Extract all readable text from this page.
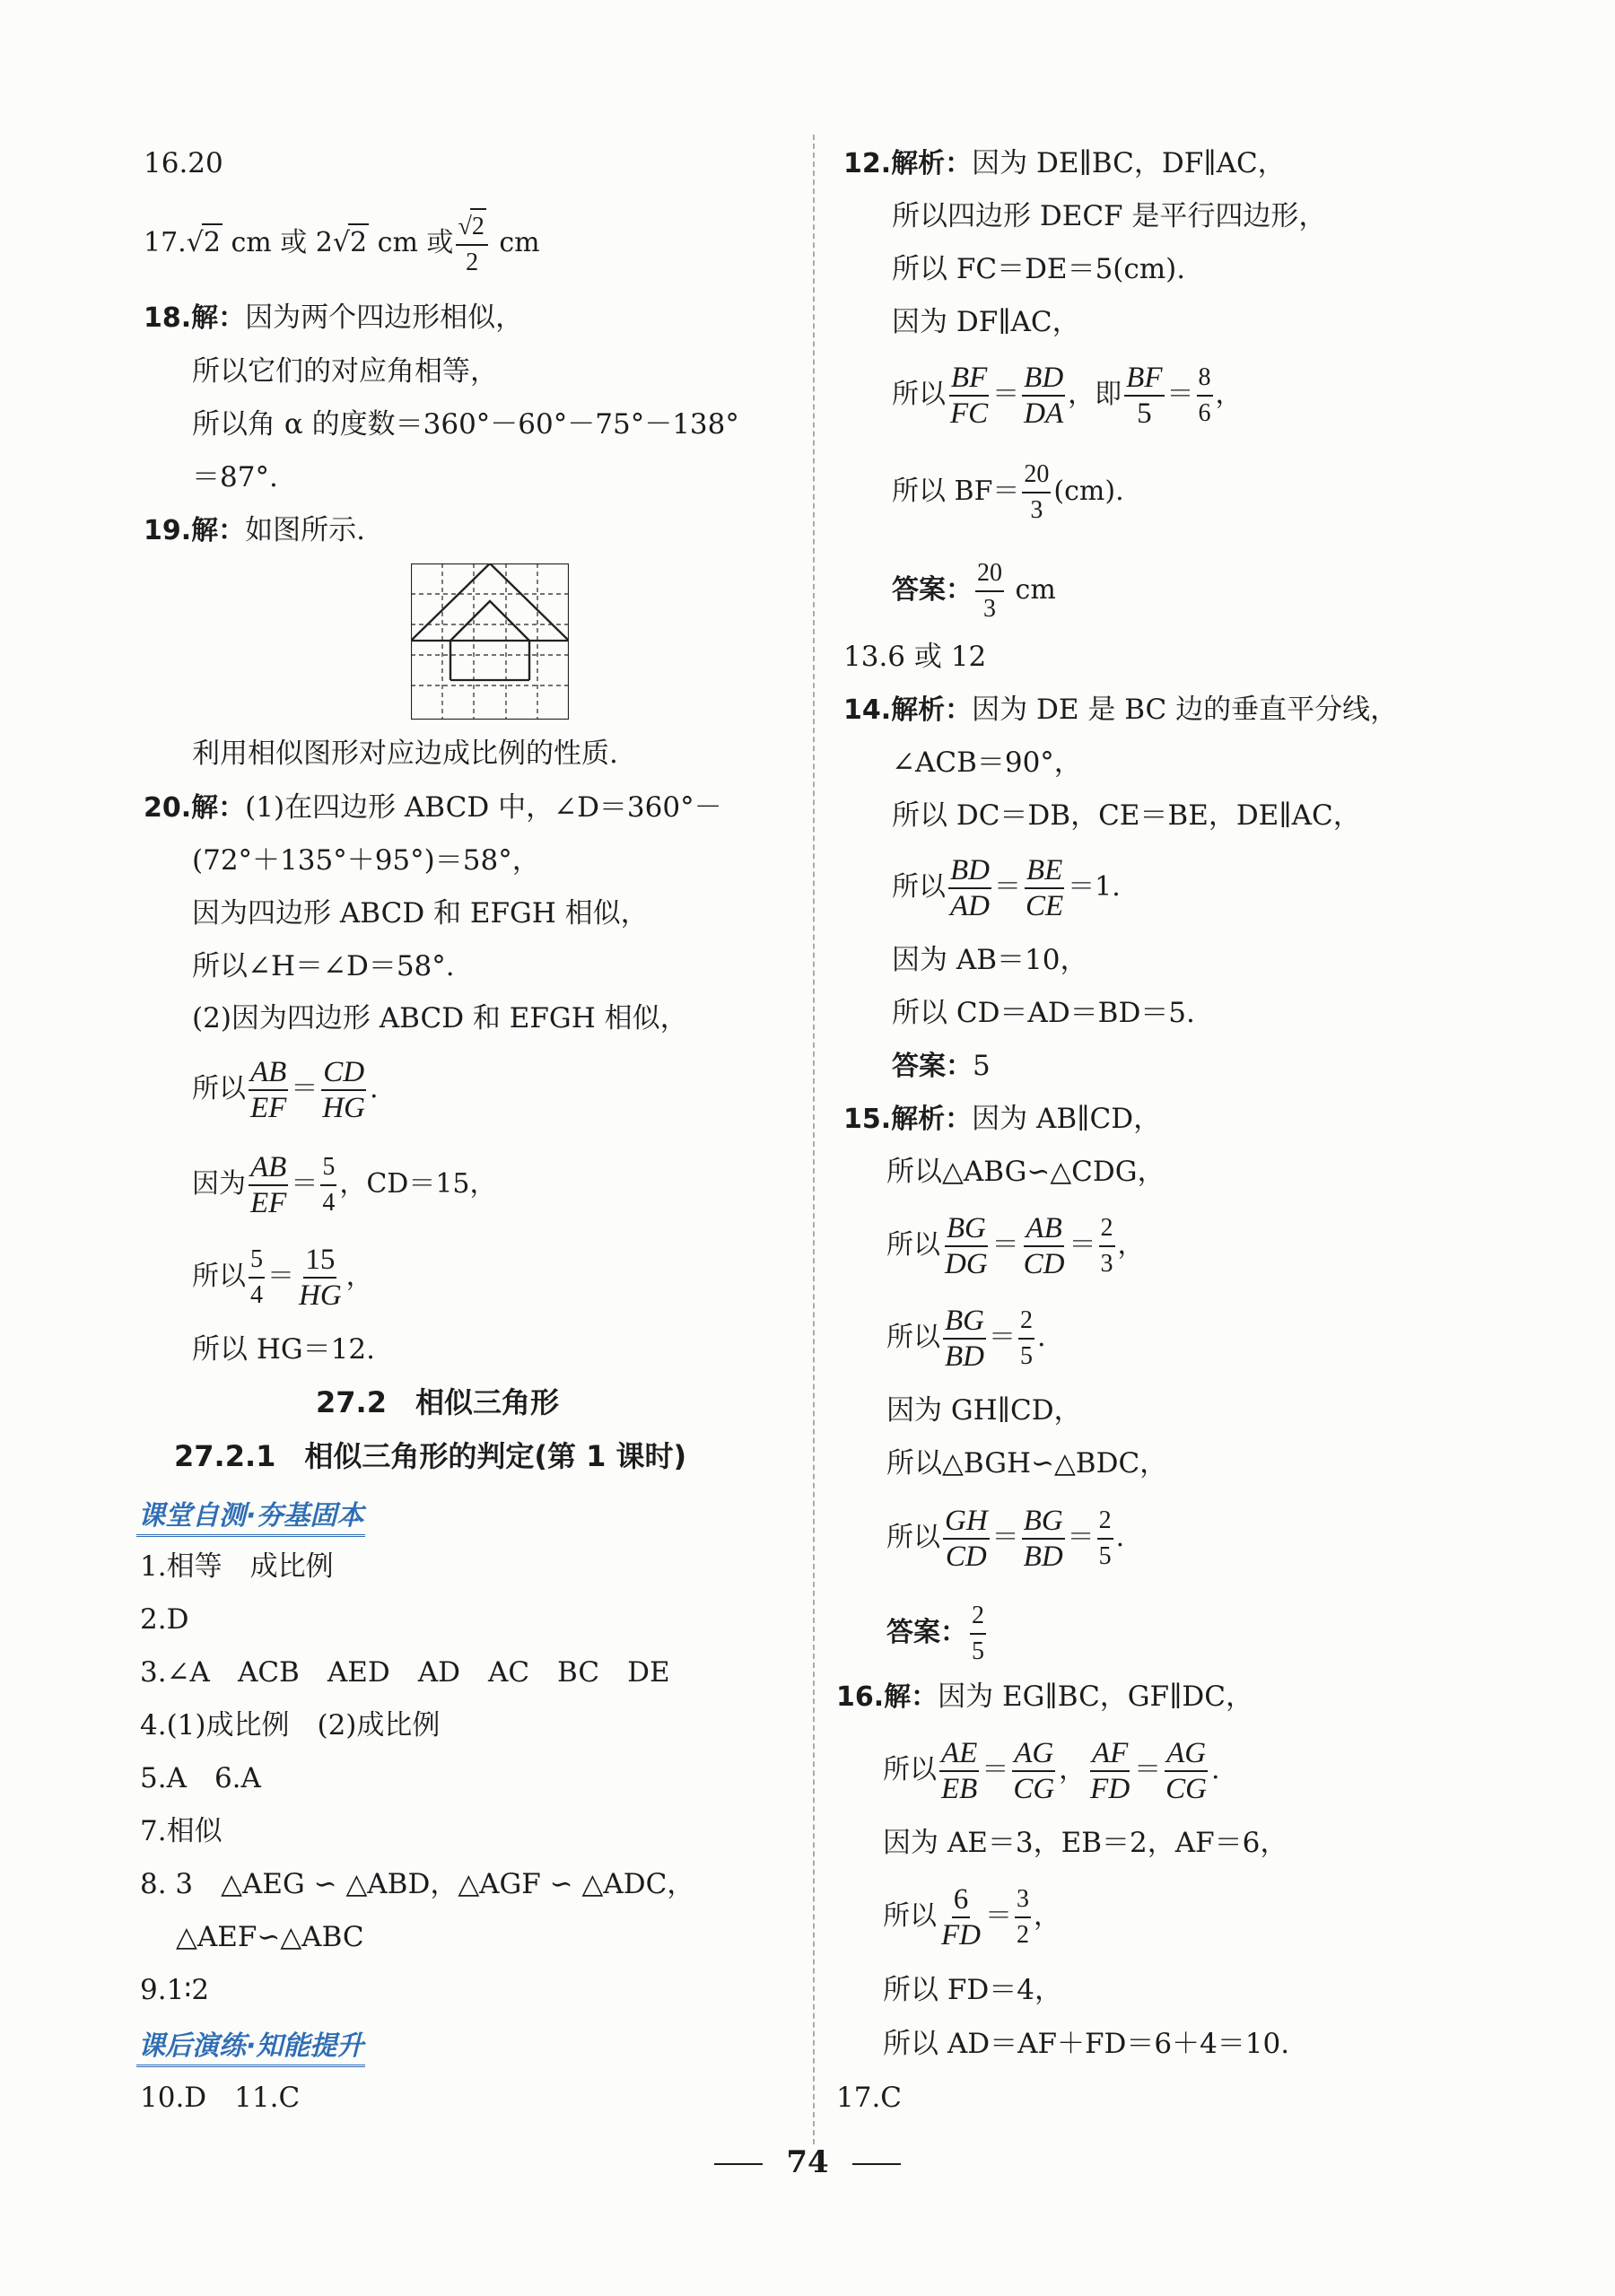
16.20
17.√2 cm 或 2√2 cm 或 $\frac{√2}{2}$ cm
18.解：因为两个四边形相似，
所以它们的对应角相等，
所以角 α 的度数＝360°－60°－75°－138°
＝87°.
19.解：如图所示.
利用相似图形对应边成比例的性质.
20.解：(1)在四边形 ABCD 中，∠D＝360°－
(72°＋135°＋95°)＝58°，
因为四边形 ABCD 和 EFGH 相似，
所以∠H＝∠D＝58°.
(2)因为四边形 ABCD 和 EFGH 相似，
所以 $\frac{AB}{EF} = \frac{CD}{HG}$ .
因为 $\frac{AB}{EF} = \frac{5}{4}$ ，CD＝15，
所以 $\frac{5}{4} = \frac{15}{HG}$ ，
所以 HG＝12.
27.2　相似三角形
27.2.1　相似三角形的判定(第 1 课时)
课堂自测·夯基固本
1.相等　成比例
2.D
3.∠A　ACB　AED　AD　AC　BC　DE
4.(1)成比例　(2)成比例
5.A　6.A
7.相似
8. 3　△AEG ∽ △ABD，△AGF ∽ △ADC，
△AEF∽△ABC
9.1∶2
课后演练·知能提升
10.D　11.C
12.解析：因为 DE∥BC，DF∥AC，
所以四边形 DECF 是平行四边形，
所以 FC＝DE＝5(cm).
因为 DF∥AC，
所以 $\frac{BF}{FC} = \frac{BD}{DA}$ ，即 $\frac{BF}{5} = \frac{8}{6}$ ，
所以 $BF= \frac{20}{3} (cm)$.
答案： $\frac{20}{3}$ cm
13.6 或 12
14.解析：因为 DE 是 BC 边的垂直平分线，
∠ACB＝90°，
所以 DC＝DB，CE＝BE，DE∥AC，
所以 $\frac{BD}{AD} = \frac{BE}{CE} =1$.
因为 AB＝10，
所以 CD＝AD＝BD＝5.
答案：5
15.解析：因为 AB∥CD，
所以△ABG∽△CDG，
所以 $\frac{BG}{DG} = \frac{AB}{CD} = \frac{2}{3}$ ，
所以 $\frac{BG}{BD} = \frac{2}{5}$ .
因为 GH∥CD，
所以△BGH∽△BDC，
所以 $\frac{GH}{CD} = \frac{BG}{BD} = \frac{2}{5}$ .
答案： $\frac{2}{5}$
16.解：因为 EG∥BC，GF∥DC，
所以 $\frac{AE}{EB} = \frac{AG}{CG}$ ， $\frac{AF}{FD} = \frac{AG}{CG}$ .
因为 AE＝3，EB＝2，AF＝6，
所以 $\frac{6}{FD} = \frac{3}{2}$ ，
所以 FD＝4，
所以 AD＝AF＋FD＝6＋4＝10.
17.C
74
